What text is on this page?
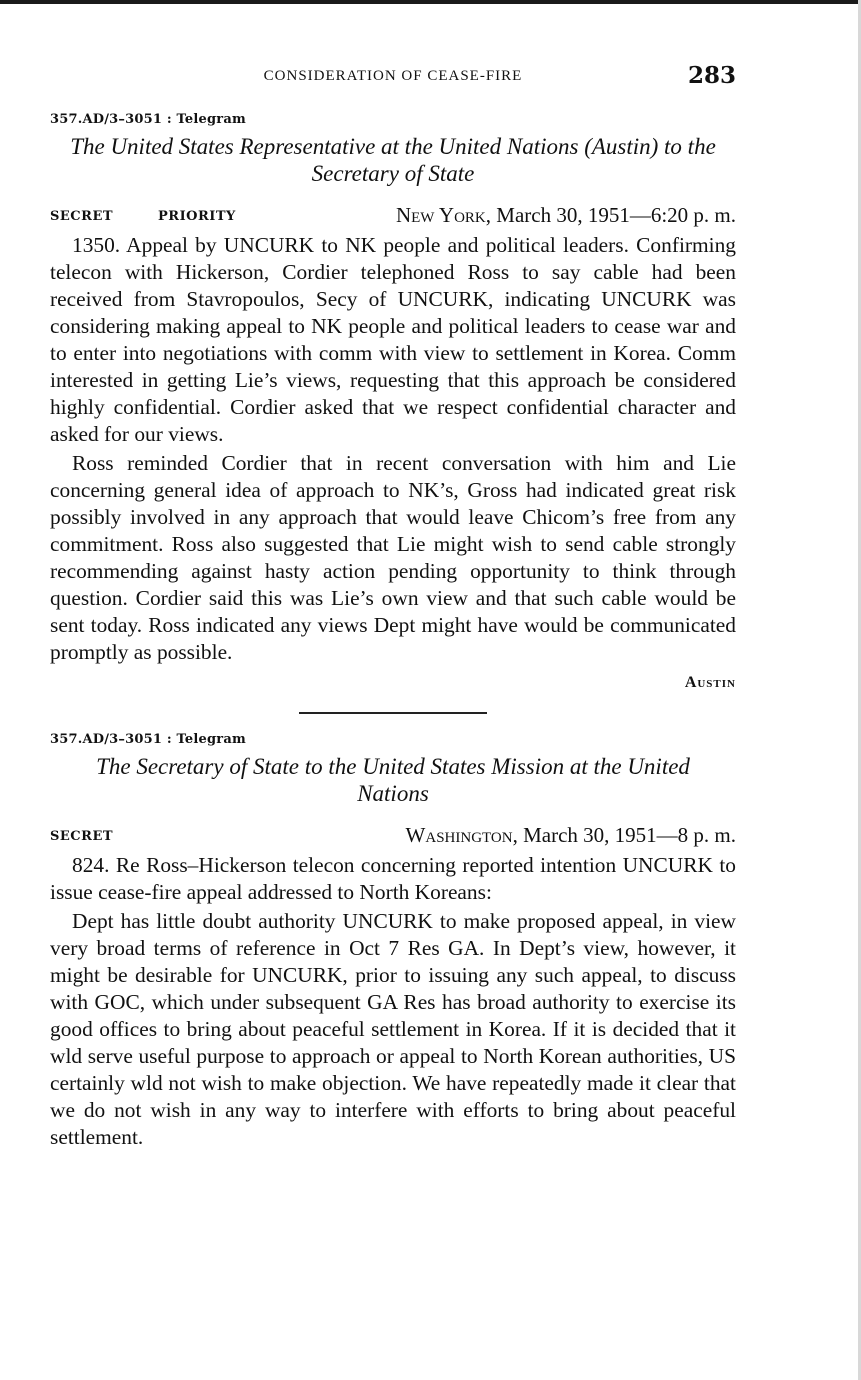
CONSIDERATION OF CEASE-FIRE	283
357.AD/3–3051 : Telegram

The United States Representative at the United Nations (Austin) to the Secretary of State

SECRET	PRIORITY	New York, March 30, 1951—6:20 p. m.

1350. Appeal by UNCURK to NK people and political leaders. Confirming telecon with Hickerson, Cordier telephoned Ross to say cable had been received from Stavropoulos, Secy of UNCURK, indicating UNCURK was considering making appeal to NK people and political leaders to cease war and to enter into negotiations with comm with view to settlement in Korea. Comm interested in getting Lie’s views, requesting that this approach be considered highly confidential. Cordier asked that we respect confidential character and asked for our views.

Ross reminded Cordier that in recent conversation with him and Lie concerning general idea of approach to NK’s, Gross had indicated great risk possibly involved in any approach that would leave Chicom’s free from any commitment. Ross also suggested that Lie might wish to send cable strongly recommending against hasty action pending opportunity to think through question. Cordier said this was Lie’s own view and that such cable would be sent today. Ross indicated any views Dept might have would be communicated promptly as possible.

Austin
357.AD/3–3051 : Telegram

The Secretary of State to the United States Mission at the United Nations

SECRET	Washington, March 30, 1951—8 p. m.

824. Re Ross–Hickerson telecon concerning reported intention UNCURK to issue cease-fire appeal addressed to North Koreans:

Dept has little doubt authority UNCURK to make proposed appeal, in view very broad terms of reference in Oct 7 Res GA. In Dept’s view, however, it might be desirable for UNCURK, prior to issuing any such appeal, to discuss with GOC, which under subsequent GA Res has broad authority to exercise its good offices to bring about peaceful settlement in Korea. If it is decided that it wld serve useful purpose to approach or appeal to North Korean authorities, US certainly wld not wish to make objection. We have repeatedly made it clear that we do not wish in any way to interfere with efforts to bring about peaceful settlement.
